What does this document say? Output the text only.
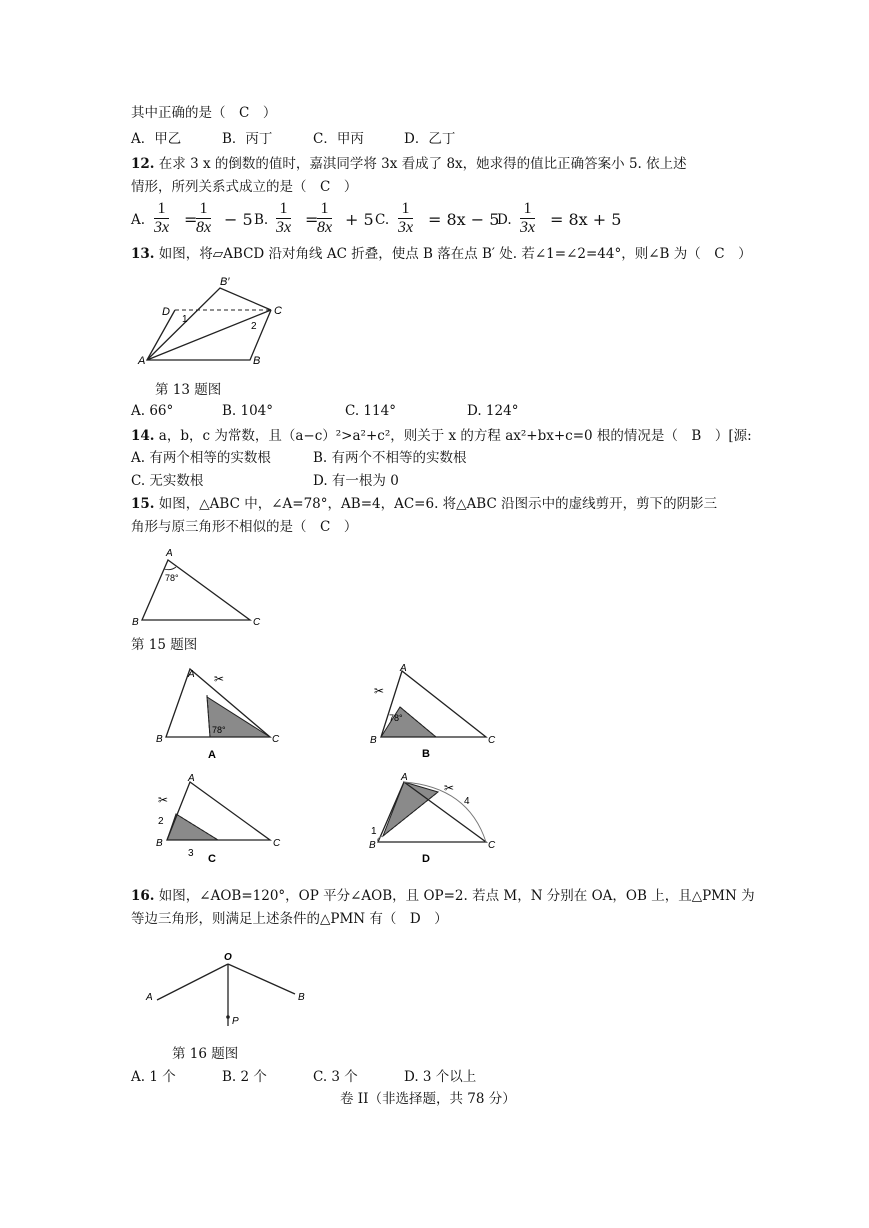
其中正确的是（　C　）
A．甲乙	B．丙丁	C．甲丙	D．乙丁
12. 在求 3 x 的倒数的值时，嘉淇同学将 3x 看成了 8x，她求得的值比正确答案小 5. 依上述
情形，所列关系式成立的是（　C　）
A. $\frac{1}{3x}$ =
$\frac{1}{8x} - 5$ B. $\frac{1}{3x}$ =
$\frac{1}{8x} + 5$ C. $\frac{1}{3x} = 8x - 5$
D. $\frac{1}{3x} = 8x + 5$
13. 如图，将▱ABCD 沿对角线 AC 折叠，使点 B 落在点 B′ 处. 若∠1=∠2=44°，则∠B 为（　C　）
D
B′
C
1
2
A	B
第 13 题图
A. 66°	B. 104°	C. 114°	D. 124°
14. a，b，c 为常数，且（a−c）²>a²+c²，则关于 x 的方程 ax²+bx+c=0 根的情况是（　B　）[源:
A. 有两个相等的实数根	B. 有两个不相等的实数根
C. 无实数根	D. 有一根为 0
15. 如图，△ABC 中，∠A=78°，AB=4，AC=6. 将△ABC 沿图示中的虚线剪开，剪下的阴影三
角形与原三角形不相似的是（　C　）
A
78°
B	C
第 15 题图
✂
A
78°
B	C
A
✂
A
78°
B	C
B
✂
A
2
B
3
C
C
✂
A
4
1
B	C
D
16. 如图，∠AOB=120°，OP 平分∠AOB，且 OP=2. 若点 M，N 分别在 OA，OB 上，且△PMN 为
等边三角形，则满足上述条件的△PMN 有（　D　）
O
A	B
P
第 16 题图
A. 1 个	B. 2 个	C. 3 个	D. 3 个以上
卷 II（非选择题，共 78 分）
